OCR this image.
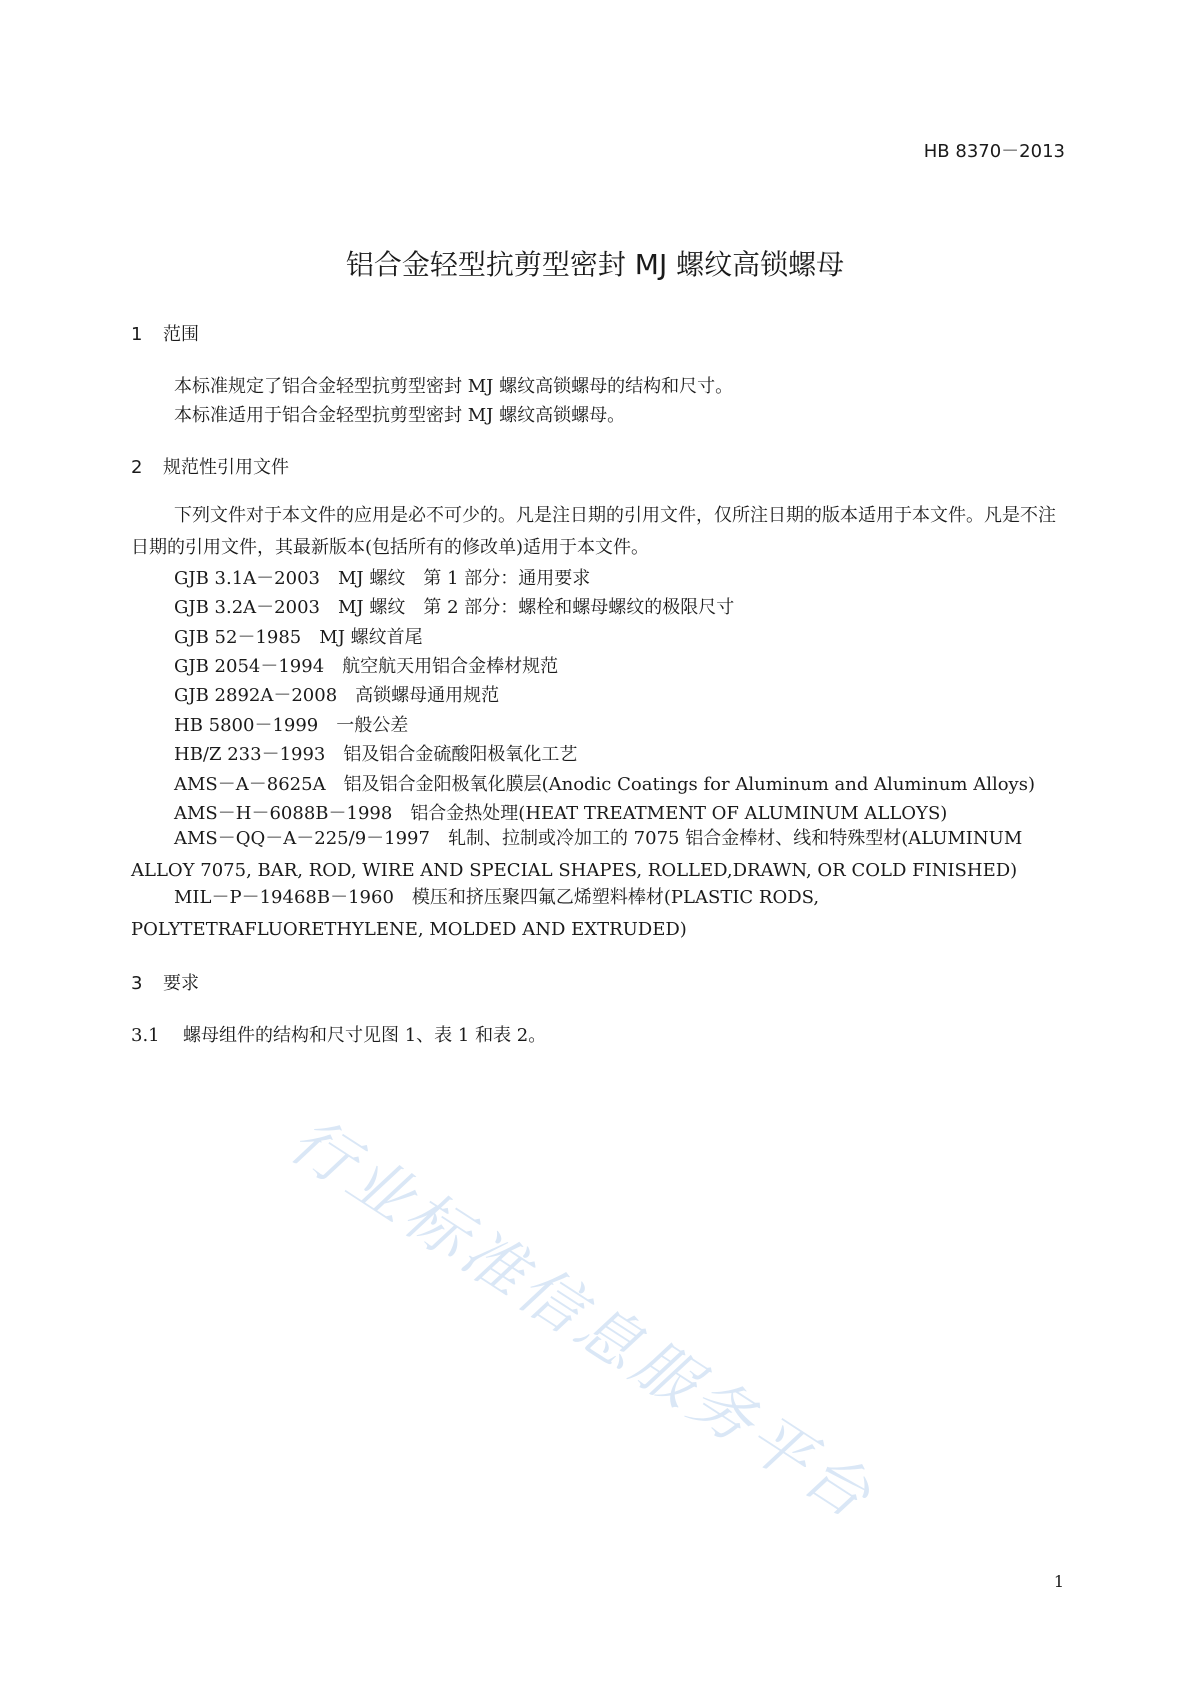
HB 8370－2013
铝合金轻型抗剪型密封 MJ 螺纹高锁螺母
1 范围
本标准规定了铝合金轻型抗剪型密封 MJ 螺纹高锁螺母的结构和尺寸。
本标准适用于铝合金轻型抗剪型密封 MJ 螺纹高锁螺母。
2 规范性引用文件
下列文件对于本文件的应用是必不可少的。凡是注日期的引用文件，仅所注日期的版本适用于本文件。凡是不注日期的引用文件，其最新版本(包括所有的修改单)适用于本文件。
GJB 3.1A－2003 MJ 螺纹　第 1 部分：通用要求
GJB 3.2A－2003 MJ 螺纹　第 2 部分：螺栓和螺母螺纹的极限尺寸
GJB 52－1985 MJ 螺纹首尾
GJB 2054－1994 航空航天用铝合金棒材规范
GJB 2892A－2008 高锁螺母通用规范
HB 5800－1999 一般公差
HB/Z 233－1993 铝及铝合金硫酸阳极氧化工艺
AMS－A－8625A 铝及铝合金阳极氧化膜层(Anodic Coatings for Aluminum and Aluminum Alloys)
AMS－H－6088B－1998 铝合金热处理(HEAT TREATMENT OF ALUMINUM ALLOYS)
AMS－QQ－A－225/9－1997　轧制、拉制或冷加工的 7075 铝合金棒材、线和特殊型材(ALUMINUM ALLOY 7075, BAR, ROD, WIRE AND SPECIAL SHAPES, ROLLED,DRAWN, OR COLD FINISHED)
MIL－P－19468B－1960　模压和挤压聚四氟乙烯塑料棒材(PLASTIC RODS, POLYTETRAFLUORETHYLENE, MOLDED AND EXTRUDED)
3 要求
3.1 螺母组件的结构和尺寸见图 1、表 1 和表 2。
行业标准信息服务平台
1
